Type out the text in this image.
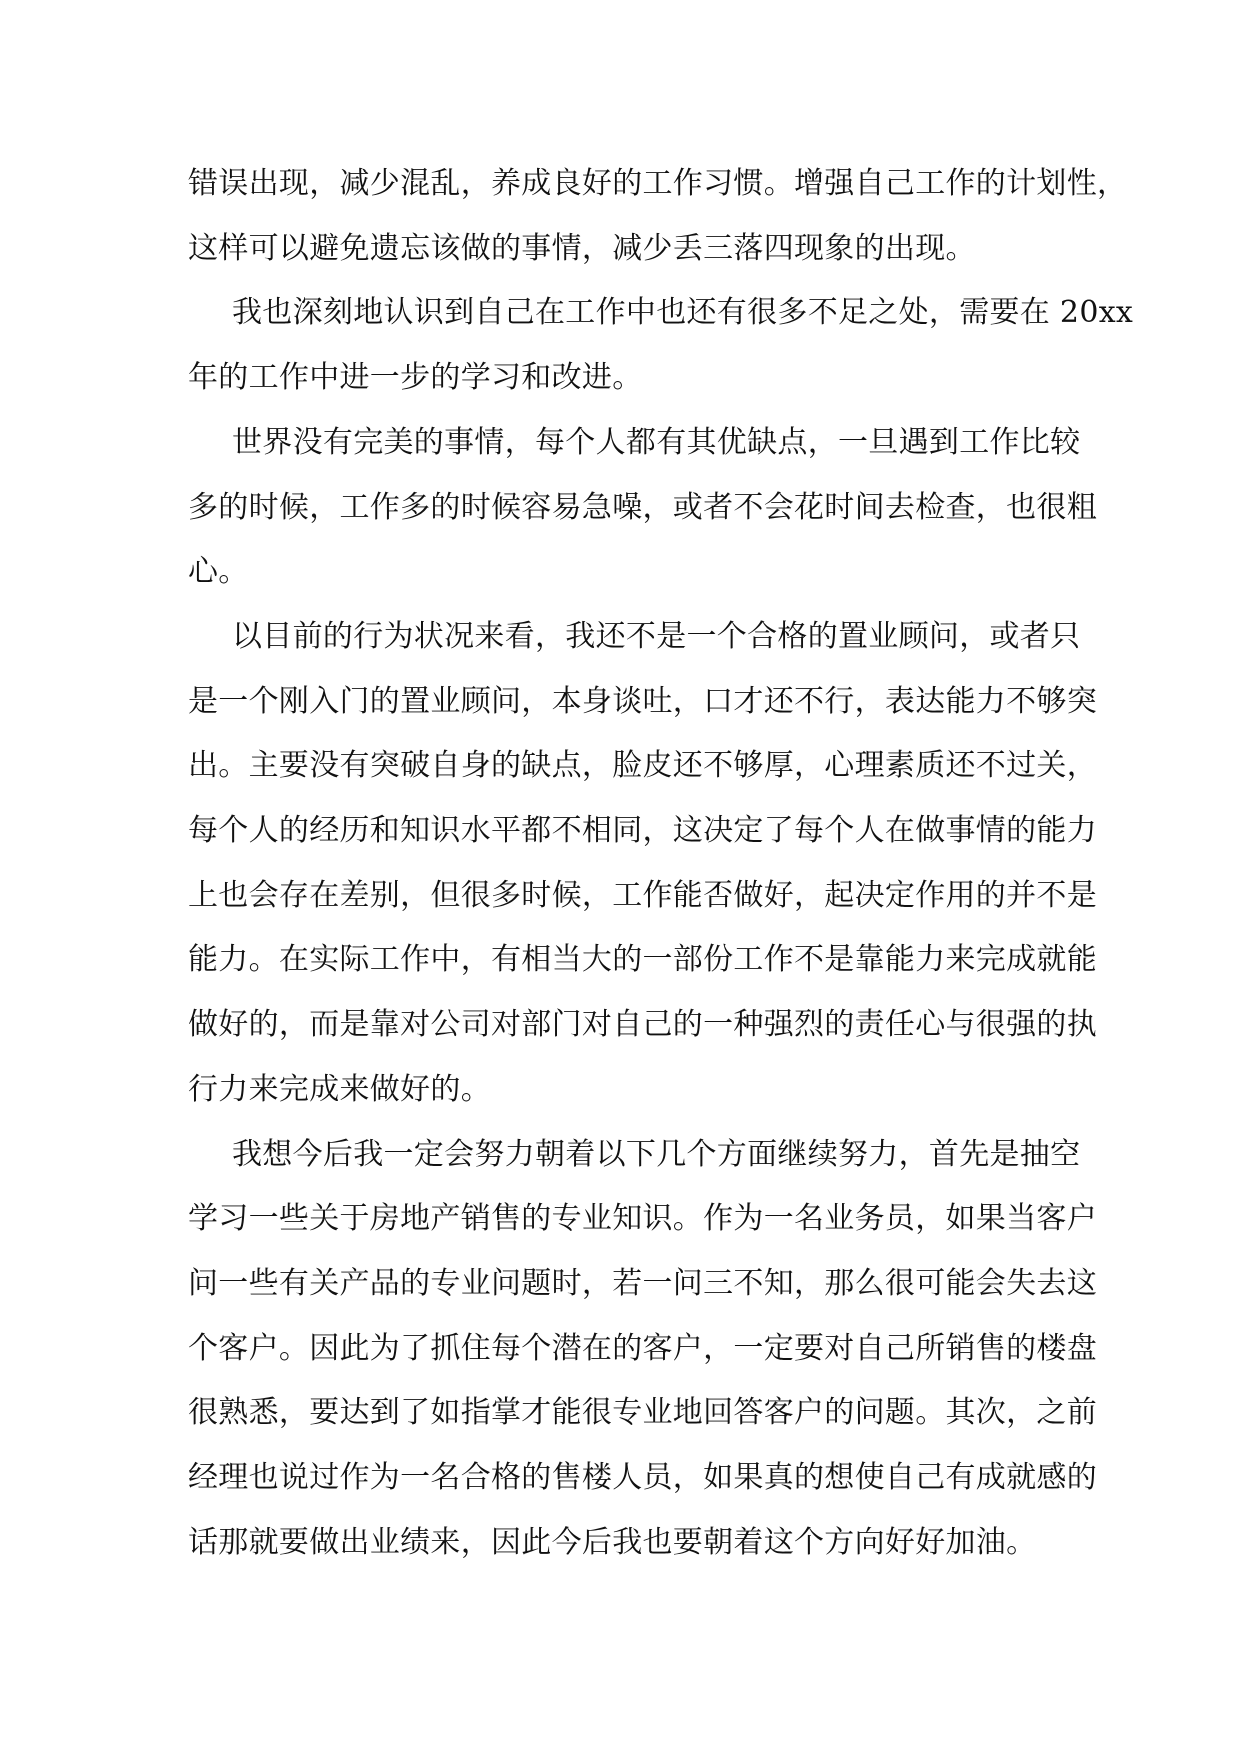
错误出现，减少混乱，养成良好的工作习惯。增强自己工作的计划性，
这样可以避免遗忘该做的事情，减少丢三落四现象的出现。

我也深刻地认识到自己在工作中也还有很多不足之处，需要在 20xx
年的工作中进一步的学习和改进。

世界没有完美的事情，每个人都有其优缺点，一旦遇到工作比较
多的时候，工作多的时候容易急噪，或者不会花时间去检查，也很粗
心。

以目前的行为状况来看，我还不是一个合格的置业顾问，或者只
是一个刚入门的置业顾问，本身谈吐，口才还不行，表达能力不够突
出。主要没有突破自身的缺点，脸皮还不够厚，心理素质还不过关，
每个人的经历和知识水平都不相同，这决定了每个人在做事情的能力
上也会存在差别，但很多时候，工作能否做好，起决定作用的并不是
能力。在实际工作中，有相当大的一部份工作不是靠能力来完成就能
做好的，而是靠对公司对部门对自己的一种强烈的责任心与很强的执
行力来完成来做好的。

我想今后我一定会努力朝着以下几个方面继续努力，首先是抽空
学习一些关于房地产销售的专业知识。作为一名业务员，如果当客户
问一些有关产品的专业问题时，若一问三不知，那么很可能会失去这
个客户。因此为了抓住每个潜在的客户，一定要对自己所销售的楼盘
很熟悉，要达到了如指掌才能很专业地回答客户的问题。其次，之前
经理也说过作为一名合格的售楼人员，如果真的想使自己有成就感的
话那就要做出业绩来，因此今后我也要朝着这个方向好好加油。
